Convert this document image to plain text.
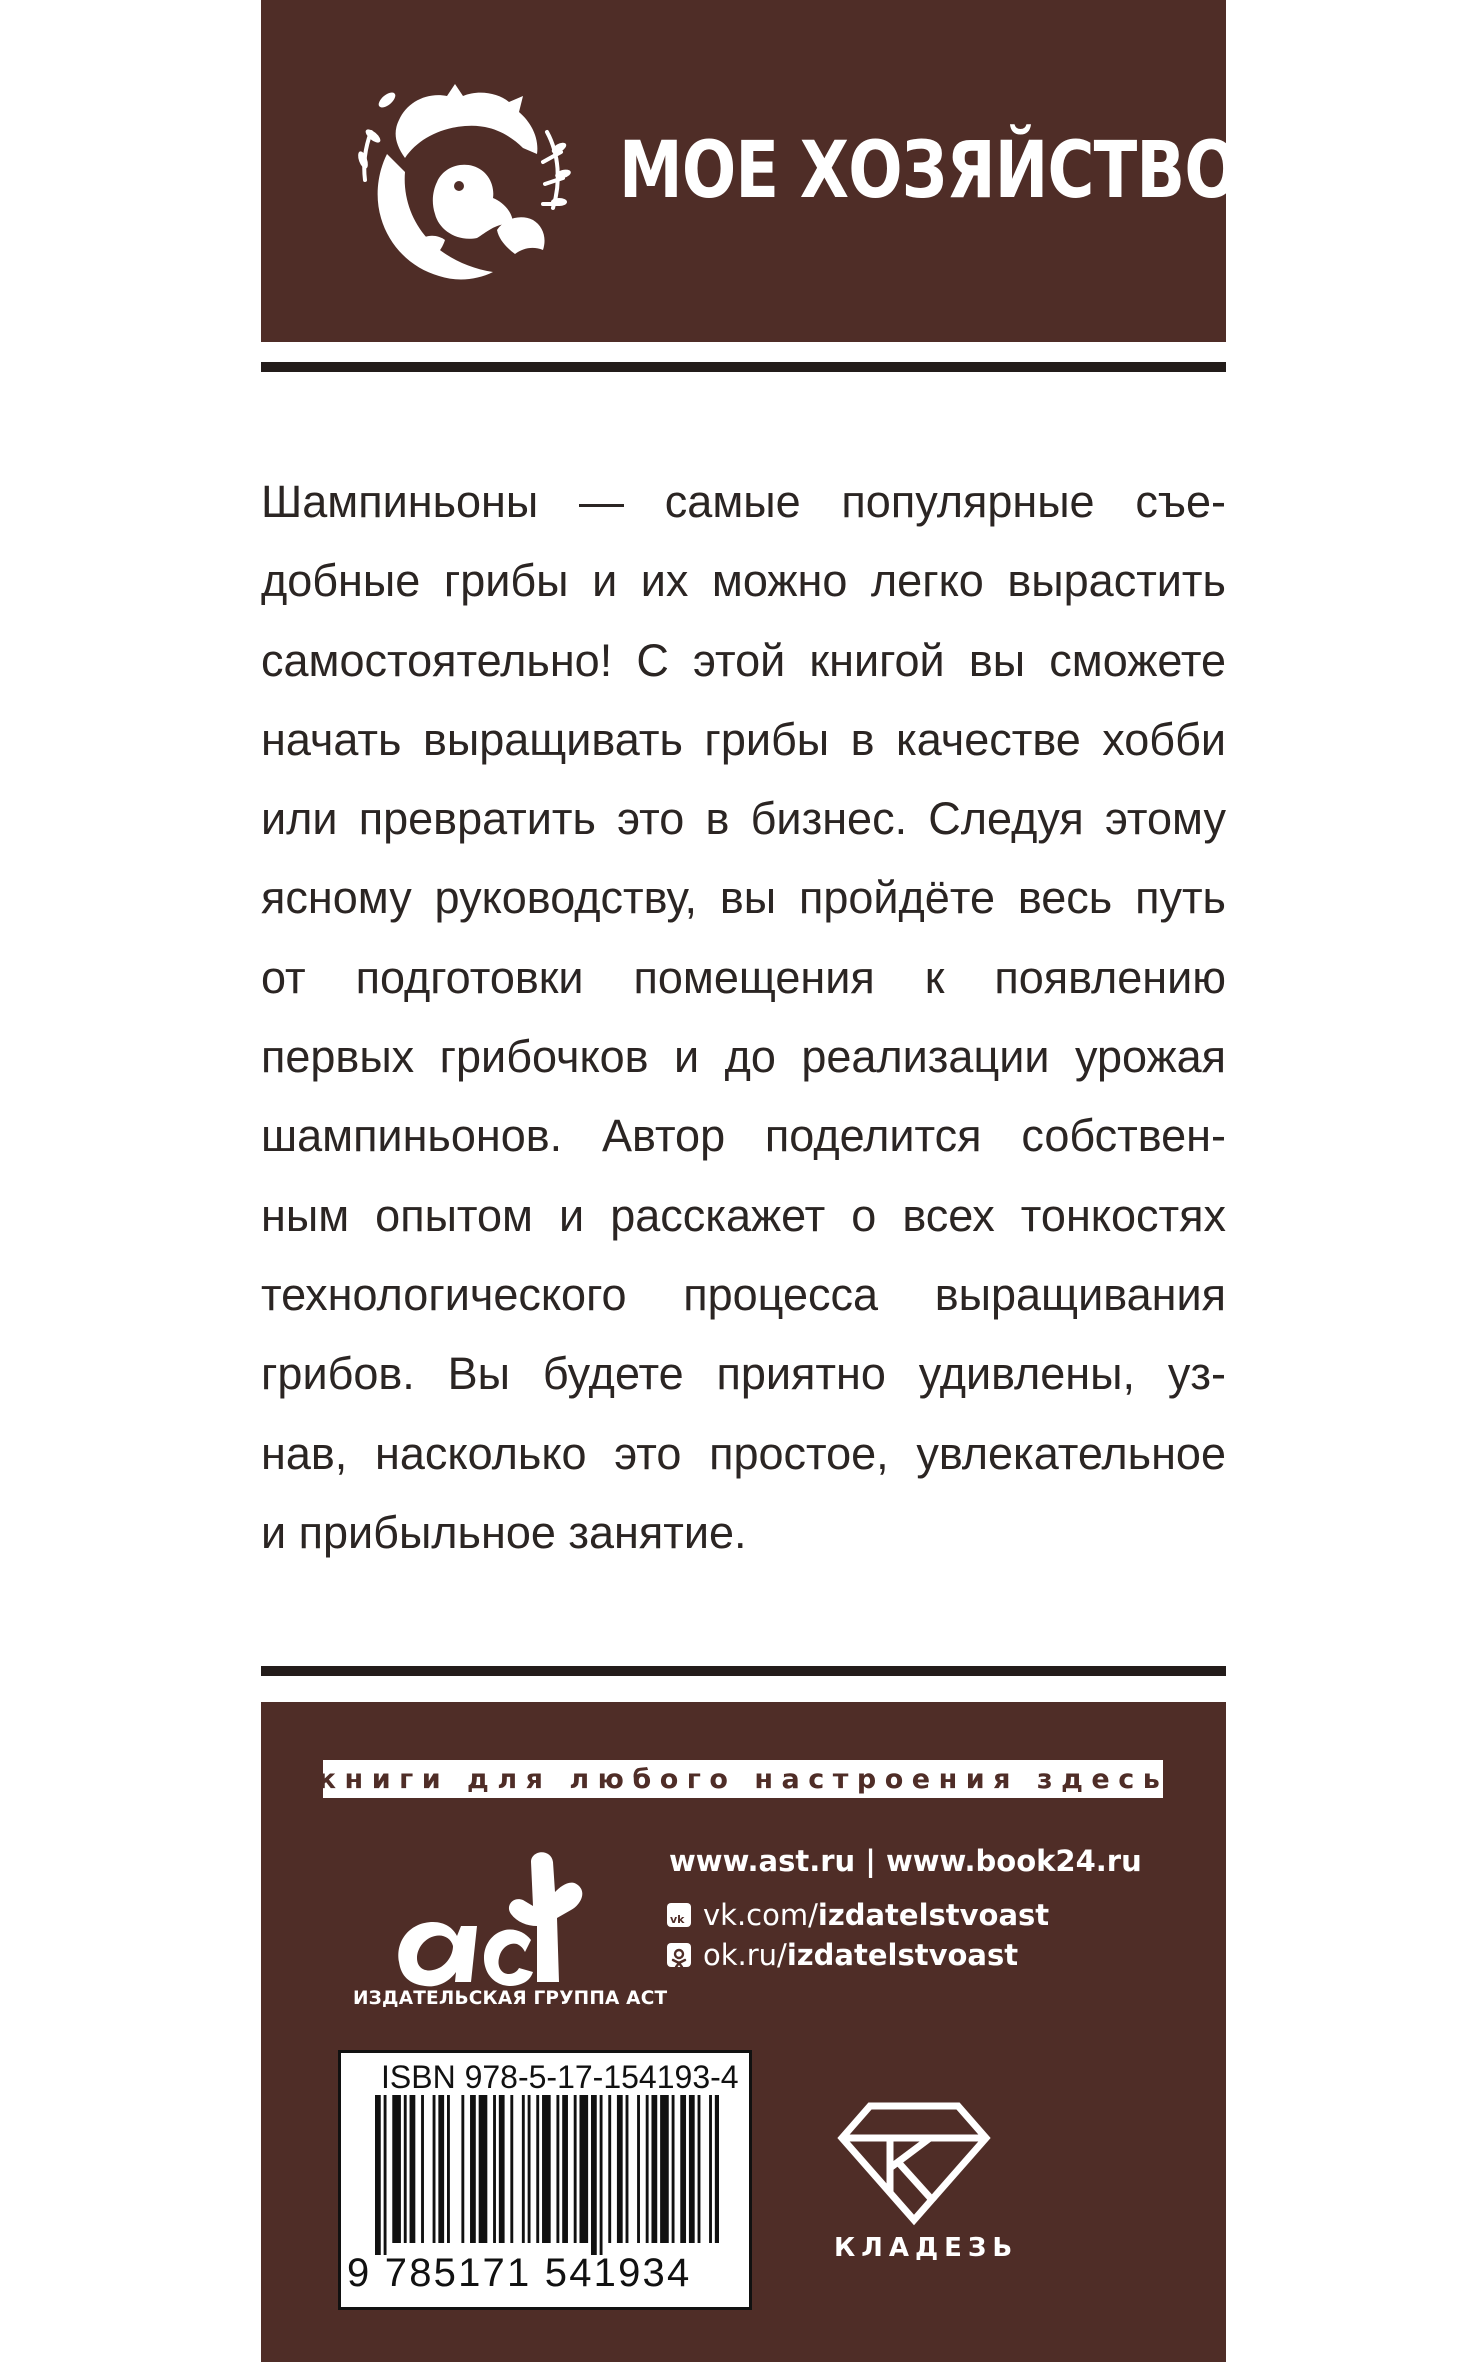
МОЕ ХОЗЯЙСТВО
Шампиньоны — самые популярные съе-
добные грибы и их можно легко вырастить
самостоятельно! С этой книгой вы сможете
начать выращивать грибы в качестве хобби
или превратить это в бизнес. Следуя этому
ясному руководству, вы пройдёте весь путь
от подготовки помещения к появлению
первых грибочков и до реализации урожая
шампиньонов. Автор поделится собствен-
ным опытом и расскажет о всех тонкостях
технологического процесса выращивания
грибов. Вы будете приятно удивлены, уз-
нав, насколько это простое, увлекательное
и прибыльное занятие.
книги для любого настроения здесь
ИЗДАТЕЛЬСКАЯ ГРУППА АСТ
www.ast.ru | www.book24.ru
vk vk.com/ izdatelstvoast
ok.ru/ izdatelstvoast
ISBN 978-5-17-154193-4
9 785171 541934
КЛАДЕЗЬ
